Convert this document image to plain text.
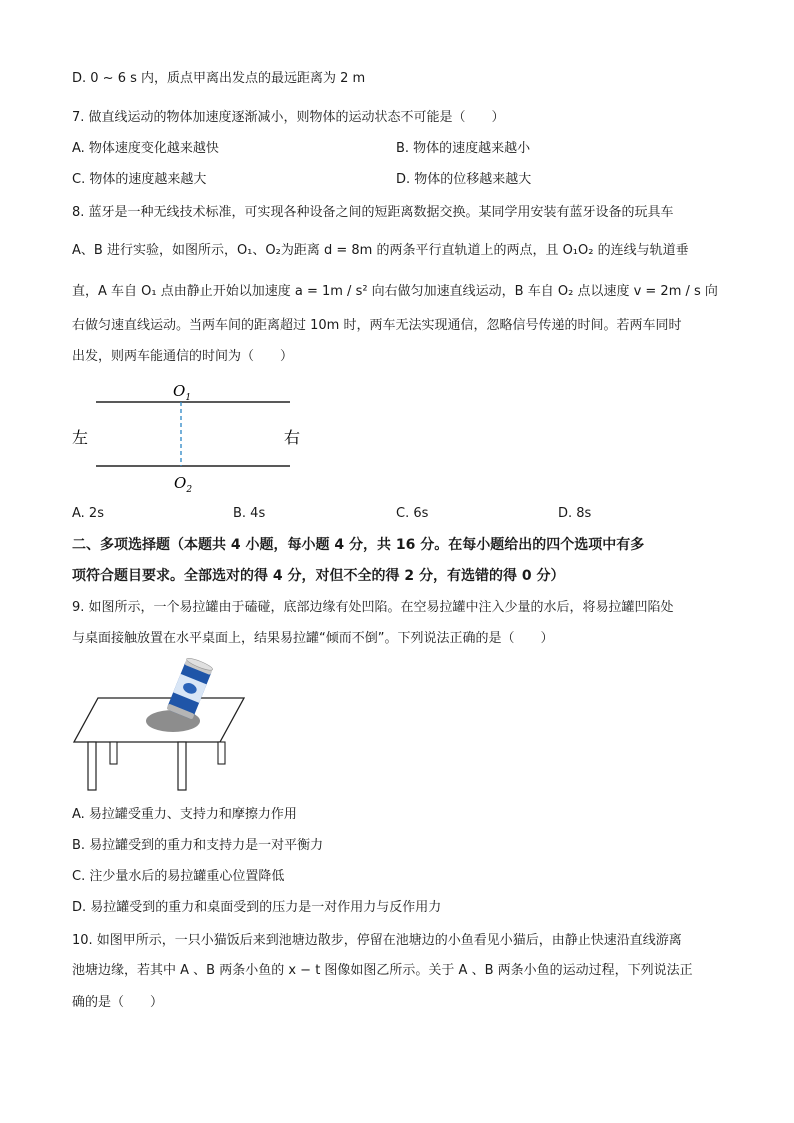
D. 0 ~ 6 s 内，质点甲离出发点的最远距离为 2 m
7. 做直线运动的物体加速度逐渐减小，则物体的运动状态不可能是（　　）
A. 物体速度变化越来越快	B. 物体的速度越来越小
C. 物体的速度越来越大	D. 物体的位移越来越大
8. 蓝牙是一种无线技术标准，可实现各种设备之间的短距离数据交换。某同学用安装有蓝牙设备的玩具车
A、B 进行实验，如图所示，O₁、O₂为距离 d = 8m 的两条平行直轨道上的两点，且 O₁O₂ 的连线与轨道垂
直，A 车自 O₁ 点由静止开始以加速度 a = 1m / s² 向右做匀加速直线运动，B 车自 O₂ 点以速度 v = 2m / s 向
右做匀速直线运动。当两车间的距离超过 10m 时，两车无法实现通信，忽略信号传递的时间。若两车同时
出发，则两车能通信的时间为（　　）
$O_1$
$O_2$
左	右
A. 2s	B. 4s	C. 6s	D. 8s
二、多项选择题（本题共 4 小题，每小题 4 分，共 16 分。在每小题给出的四个选项中有多
项符合题目要求。全部选对的得 4 分，对但不全的得 2 分，有选错的得 0 分）
9. 如图所示，一个易拉罐由于磕碰，底部边缘有处凹陷。在空易拉罐中注入少量的水后，将易拉罐凹陷处
与桌面接触放置在水平桌面上，结果易拉罐“倾而不倒”。下列说法正确的是（　　）
A. 易拉罐受重力、支持力和摩擦力作用
B. 易拉罐受到的重力和支持力是一对平衡力
C. 注少量水后的易拉罐重心位置降低
D. 易拉罐受到的重力和桌面受到的压力是一对作用力与反作用力
10. 如图甲所示，一只小猫饭后来到池塘边散步，停留在池塘边的小鱼看见小猫后，由静止快速沿直线游离
池塘边缘，若其中 A 、B 两条小鱼的 x − t 图像如图乙所示。关于 A 、B 两条小鱼的运动过程，下列说法正
确的是（　　）
